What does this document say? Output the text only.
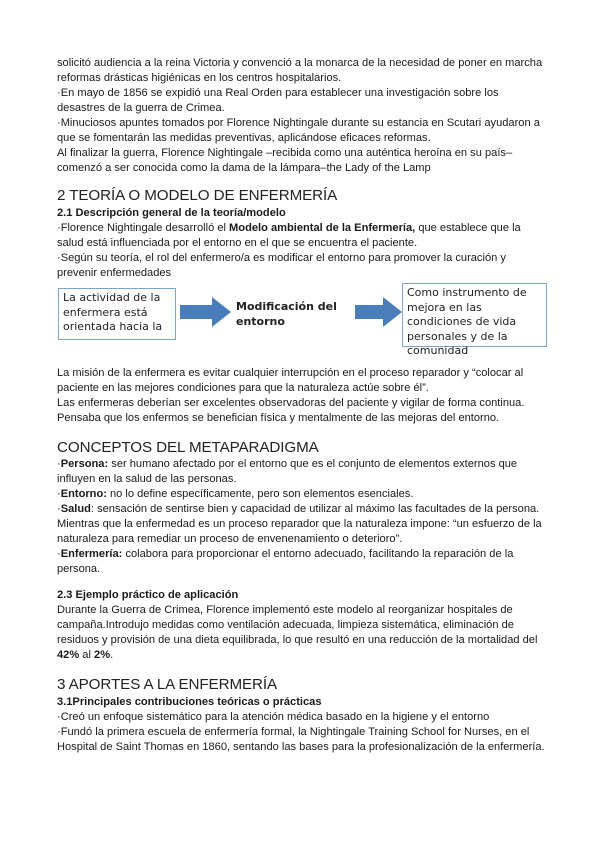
solicitó audiencia a la reina Victoria y convenció a la monarca de la necesidad de poner en marcha reformas drásticas higiénicas en los centros hospitalarios.

·En mayo de 1856 se expidió una Real Orden para establecer una investigación sobre los desastres de la guerra de Crimea.

·Minuciosos apuntes tomados por Florence Nightingale durante su estancia en Scutari ayudaron a que se fomentarán las medidas preventivas, aplicándose eficaces reformas.

Al finalizar la guerra, Florence Nightingale –recibida como una auténtica heroína en su país– comenzó a ser conocida como la dama de la lámpara–the Lady of the Lamp

2 TEORÍA O MODELO DE ENFERMERÍA
2.1 Descripción general de la teoría/modelo

·Florence Nightingale desarrolló el Modelo ambiental de la Enfermería, que establece que la salud está influenciada por el entorno en el que se encuentra el paciente.

·Según su teoría, el rol del enfermero/a es modificar el entorno para promover la curación y prevenir enfermedades

La actividad de la enfermera está orientada hacia la
Modificación del entorno
Como instrumento de mejora en las condiciones de vida personales y de la comunidad

La misión de la enfermera es evitar cualquier interrupción en el proceso reparador y “colocar al paciente en las mejores condiciones para que la naturaleza actúe sobre él”.

Las enfermeras deberían ser excelentes observadoras del paciente y vigilar de forma continua.

Pensaba que los enfermos se benefician física y mentalmente de las mejoras del entorno.

CONCEPTOS DEL METAPARADIGMA

·Persona: ser humano afectado por el entorno que es el conjunto de elementos externos que influyen en la salud de las personas.

·Entorno: no lo define específicamente, pero son elementos esenciales.

·Salud: sensación de sentirse bien y capacidad de utilizar al máximo las facultades de la persona. Mientras que la enfermedad es un proceso reparador que la naturaleza impone: “un esfuerzo de la naturaleza para remediar un proceso de envenenamiento o deterioro”.

·Enfermería: colabora para proporcionar el entorno adecuado, facilitando la reparación de la persona.

2.3 Ejemplo práctico de aplicación

Durante la Guerra de Crimea, Florence implementó este modelo al reorganizar hospitales de campaña.Introdujo medidas como ventilación adecuada, limpieza sistemática, eliminación de residuos y provisión de una dieta equilibrada, lo que resultó en una reducción de la mortalidad del 42% al 2%.

3 APORTES A LA ENFERMERÍA
3.1Principales contribuciones teóricas o prácticas

·Creó un enfoque sistemático para la atención médica basado en la higiene y el entorno

·Fundó la primera escuela de enfermería formal, la Nightingale Training School for Nurses, en el Hospital de Saint Thomas en 1860, sentando las bases para la profesionalización de la enfermería.
